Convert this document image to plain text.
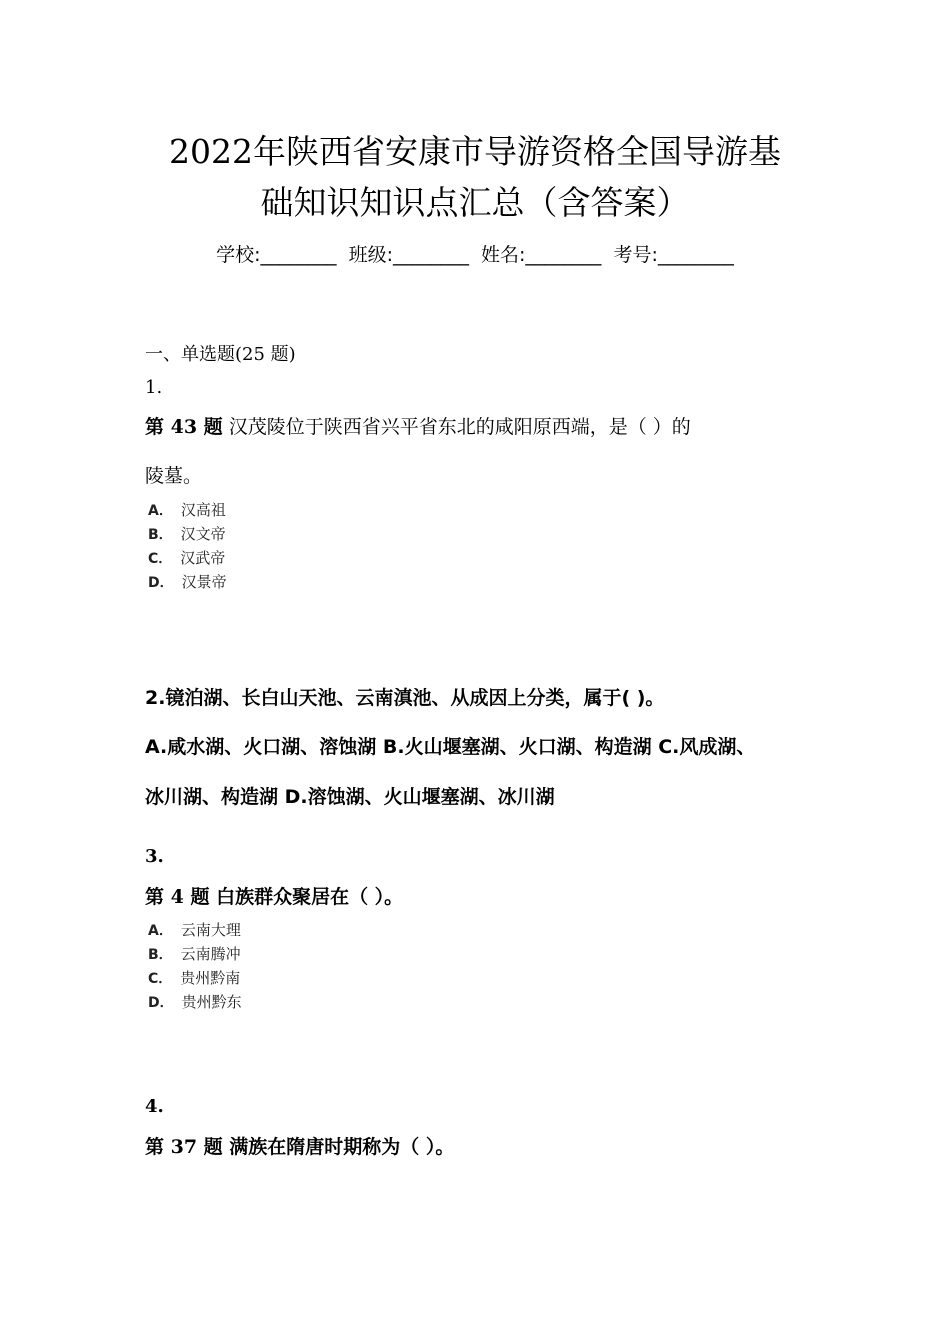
2022年陕西省安康市导游资格全国导游基
础知识知识点汇总（含答案）
学校:________ 班级:________ 姓名:________ 考号:________
一、单选题(25 题)
1.
第 43 题 汉茂陵位于陕西省兴平省东北的咸阳原西端，是（ ）的
陵墓。
A． 汉高祖
B． 汉文帝
C． 汉武帝
D． 汉景帝
2.镜泊湖、长白山天池、云南滇池、从成因上分类，属于( )。
A.咸水湖、火口湖、溶蚀湖 B.火山堰塞湖、火口湖、构造湖 C.风成湖、
冰川湖、构造湖 D.溶蚀湖、火山堰塞湖、冰川湖
3.
第 4 题 白族群众聚居在（ ）。
A． 云南大理
B． 云南腾冲
C． 贵州黔南
D． 贵州黔东
4.
第 37 题 满族在隋唐时期称为（ ）。
